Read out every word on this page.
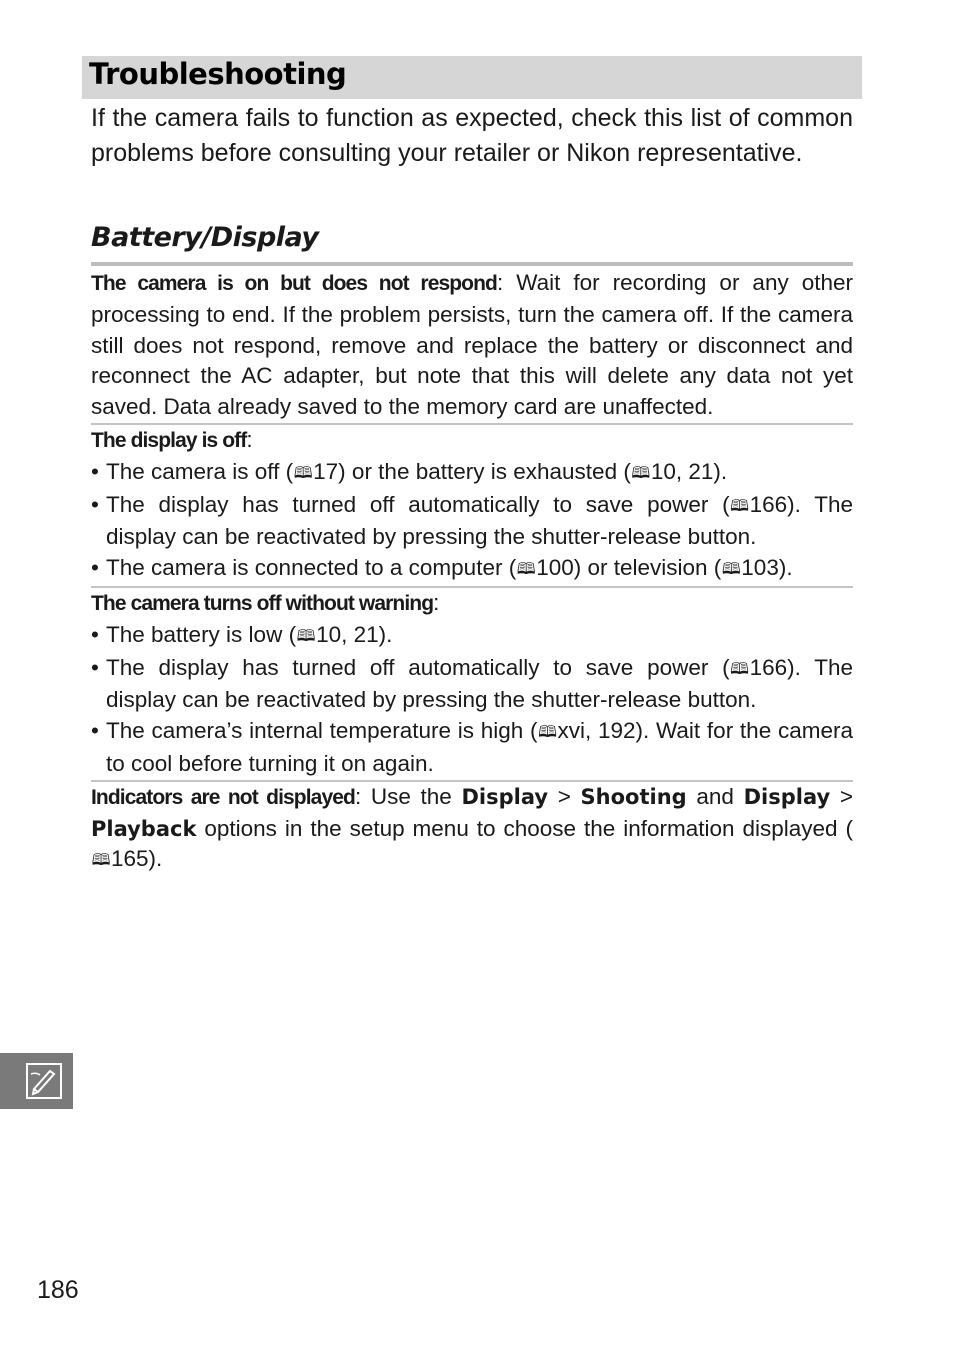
Troubleshooting

If the camera fails to function as expected, check this list of common problems before consulting your retailer or Nikon representative.

Battery/Display
The camera is on but does not respond: Wait for recording or any other processing to end. If the problem persists, turn the camera off. If the camera still does not respond, remove and replace the battery or disconnect and reconnect the AC adapter, but note that this will delete any data not yet saved. Data already saved to the memory card are unaffected.
The display is off:
• The camera is off (🕮17) or the battery is exhausted (🕮10, 21).
• The display has turned off automatically to save power (🕮166). The display can be reactivated by pressing the shutter-release button.
• The camera is connected to a computer (🕮100) or television (🕮103).
The camera turns off without warning:
• The battery is low (🕮10, 21).
• The display has turned off automatically to save power (🕮166). The display can be reactivated by pressing the shutter-release button.
• The camera’s internal temperature is high (🕮xvi, 192). Wait for the camera to cool before turning it on again.
Indicators are not displayed: Use the Display > Shooting and Display > Playback options in the setup menu to choose the information displayed (🕮165).

186
